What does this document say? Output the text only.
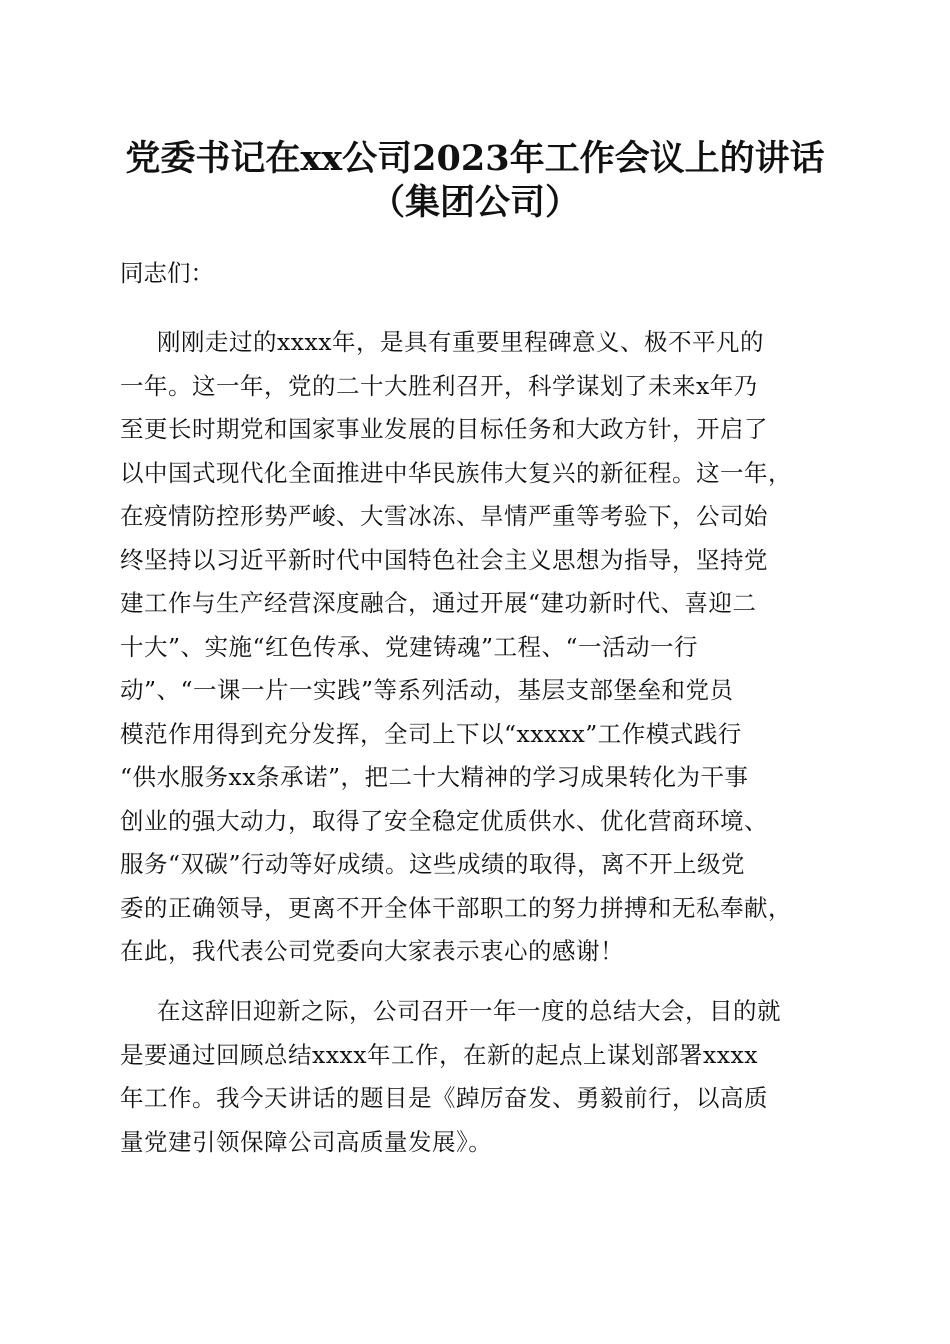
党委书记在xx公司2023年工作会议上的讲话
（集团公司）
同志们：
刚刚走过的xxxx年，是具有重要里程碑意义、极不平凡的
一年。这一年，党的二十大胜利召开，科学谋划了未来x年乃
至更长时期党和国家事业发展的目标任务和大政方针，开启了
以中国式现代化全面推进中华民族伟大复兴的新征程。这一年，
在疫情防控形势严峻、大雪冰冻、旱情严重等考验下，公司始
终坚持以习近平新时代中国特色社会主义思想为指导，坚持党
建工作与生产经营深度融合，通过开展“建功新时代、喜迎二
十大”、实施“红色传承、党建铸魂”工程、“一活动一行
动”、“一课一片一实践”等系列活动，基层支部堡垒和党员
模范作用得到充分发挥，全司上下以“xxxxx”工作模式践行
“供水服务xx条承诺”，把二十大精神的学习成果转化为干事
创业的强大动力，取得了安全稳定优质供水、优化营商环境、
服务“双碳”行动等好成绩。这些成绩的取得，离不开上级党
委的正确领导，更离不开全体干部职工的努力拼搏和无私奉献，
在此，我代表公司党委向大家表示衷心的感谢！
在这辞旧迎新之际，公司召开一年一度的总结大会，目的就
是要通过回顾总结xxxx年工作，在新的起点上谋划部署xxxx
年工作。我今天讲话的题目是《踔厉奋发、勇毅前行，以高质
量党建引领保障公司高质量发展》。
